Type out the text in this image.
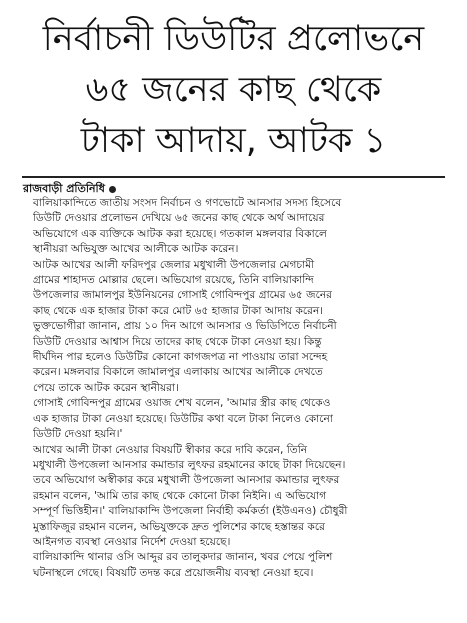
নির্বাচনী ডিউটির প্রলোভনে
৬৫ জনের কাছ থেকে
টাকা আদায়, আটক ১
রাজবাড়ী প্রতিনিধি

বালিয়াকান্দিতে জাতীয় সংসদ নির্বাচন ও গণভোটে আনসার সদস্য হিসেবে
ডিউটি দেওয়ার প্রলোভন দেখিয়ে ৬৫ জনের কাছ থেকে অর্থ আদায়ের
অভিযোগে এক ব্যক্তিকে আটক করা হয়েছে। গতকাল মঙ্গলবার বিকালে
স্থানীয়রা অভিযুক্ত আখের আলীকে আটক করেন।

আটক আখের আলী ফরিদপুর জেলার মধুখালী উপজেলার মেগচামী
গ্রামের শাহাদত মোল্লার ছেলে। অভিযোগ রয়েছে, তিনি বালিয়াকান্দি
উপজেলার জামালপুর ইউনিয়নের গোসাই গোবিন্দপুর গ্রামের ৬৫ জনের
কাছ থেকে এক হাজার টাকা করে মোট ৬৫ হাজার টাকা আদায় করেন।

ভুক্তভোগীরা জানান, প্রায় ১০ দিন আগে আনসার ও ভিডিপিতে নির্বাচনী
ডিউটি দেওয়ার আশ্বাস দিয়ে তাদের কাছ থেকে টাকা নেওয়া হয়। কিন্তু
দীর্ঘদিন পার হলেও ডিউটির কোনো কাগজপত্র না পাওয়ায় তারা সন্দেহ
করেন। মঙ্গলবার বিকালে জামালপুর এলাকায় আখের আলীকে দেখতে
পেয়ে তাকে আটক করেন স্থানীয়রা।

গোসাই গোবিন্দপুর গ্রামের ওয়াজ শেখ বলেন, 'আমার স্ত্রীর কাছ থেকেও
এক হাজার টাকা নেওয়া হয়েছে। ডিউটির কথা বলে টাকা নিলেও কোনো
ডিউটি দেওয়া হয়নি।'

আখের আলী টাকা নেওয়ার বিষয়টি স্বীকার করে দাবি করেন, তিনি
মধুখালী উপজেলা আনসার কমান্ডার লুৎফর রহমানের কাছে টাকা দিয়েছেন।
তবে অভিযোগ অস্বীকার করে মধুখালী উপজেলা আনসার কমান্ডার লুৎফর
রহমান বলেন, 'আমি তার কাছ থেকে কোনো টাকা নিইনি। এ অভিযোগ
সম্পূর্ণ ভিত্তিহীন।' বালিয়াকান্দি উপজেলা নির্বাহী কর্মকর্তা (ইউএনও) চৌধুরী
মুস্তাফিজুর রহমান বলেন, অভিযুক্তকে দ্রুত পুলিশের কাছে হস্তান্তর করে
আইনগত ব্যবস্থা নেওয়ার নির্দেশ দেওয়া হয়েছে।

বালিয়াকান্দি থানার ওসি আব্দুর রব তালুকদার জানান, খবর পেয়ে পুলিশ
ঘটনাস্থলে গেছে। বিষয়টি তদন্ত করে প্রয়োজনীয় ব্যবস্থা নেওয়া হবে।
